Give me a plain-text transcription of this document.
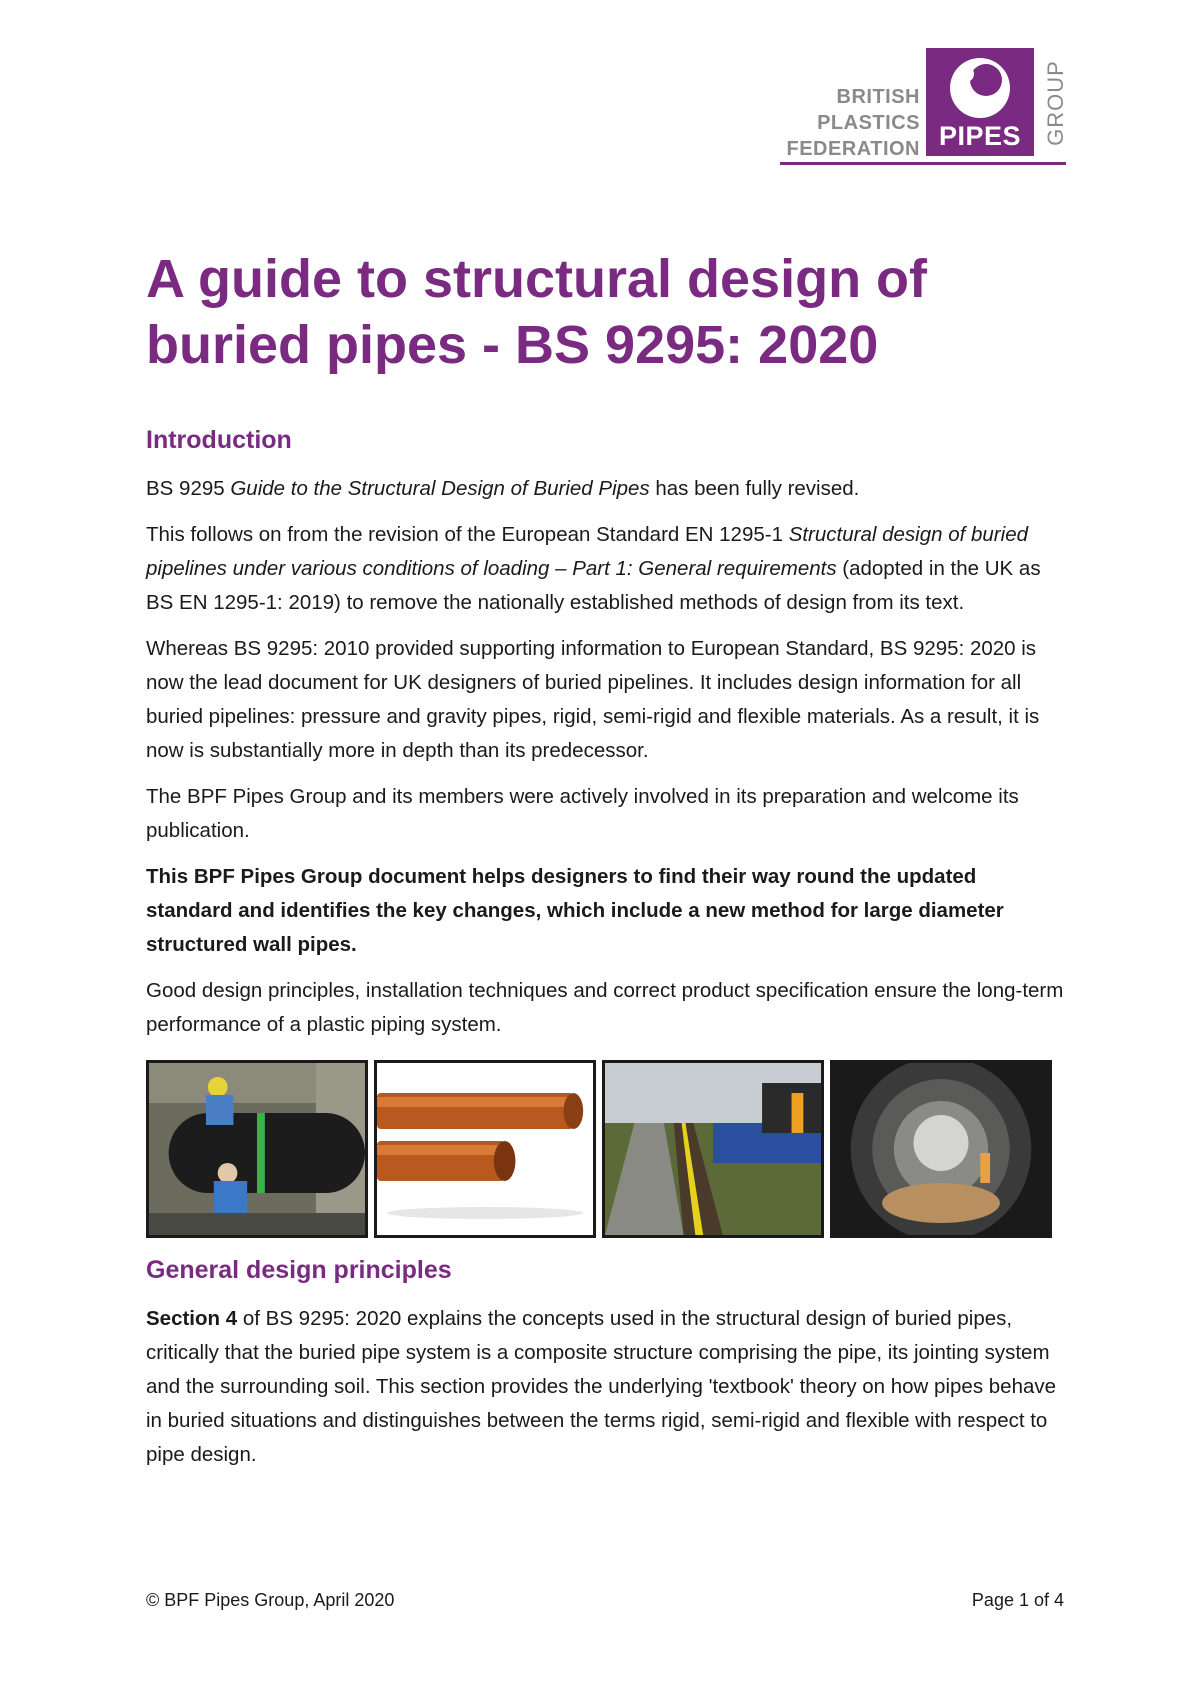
BRITISH
PLASTICS
FEDERATION PIPES GROUP
A guide to structural design of buried pipes - BS 9295: 2020
Introduction

BS 9295 Guide to the Structural Design of Buried Pipes has been fully revised.

This follows on from the revision of the European Standard EN 1295-1 Structural design of buried pipelines under various conditions of loading – Part 1: General requirements (adopted in the UK as BS EN 1295-1: 2019) to remove the nationally established methods of design from its text.

Whereas BS 9295: 2010 provided supporting information to European Standard, BS 9295: 2020 is now the lead document for UK designers of buried pipelines. It includes design information for all buried pipelines: pressure and gravity pipes, rigid, semi-rigid and flexible materials. As a result, it is now is substantially more in depth than its predecessor.

The BPF Pipes Group and its members were actively involved in its preparation and welcome its publication.

This BPF Pipes Group document helps designers to find their way round the updated standard and identifies the key changes, which include a new method for large diameter structured wall pipes.

Good design principles, installation techniques and correct product specification ensure the long-term performance of a plastic piping system.

General design principles

Section 4 of BS 9295: 2020 explains the concepts used in the structural design of buried pipes, critically that the buried pipe system is a composite structure comprising the pipe, its jointing system and the surrounding soil. This section provides the underlying 'textbook' theory on how pipes behave in buried situations and distinguishes between the terms rigid, semi-rigid and flexible with respect to pipe design.

© BPF Pipes Group, April 2020	Page 1 of 4
